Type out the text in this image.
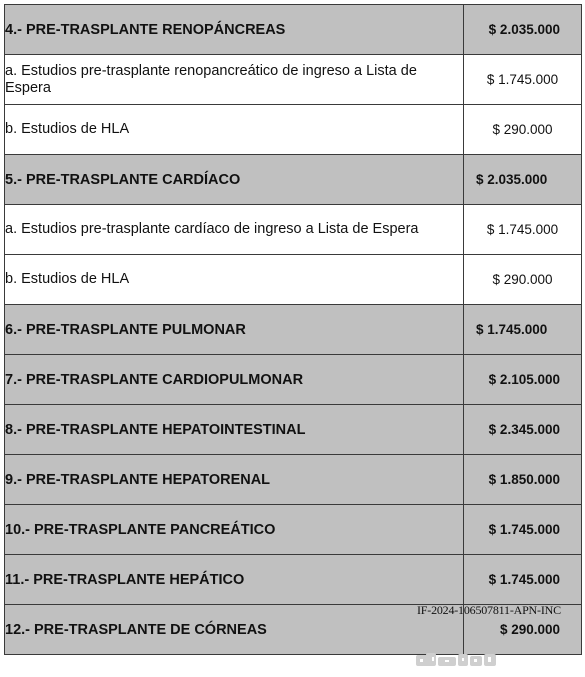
4.- PRE-TRASPLANTE RENOPÁNCREAS	$ 2.035.000
a. Estudios pre-trasplante renopancreático de ingreso a Lista de Espera	$ 1.745.000
b. Estudios de HLA	$ 290.000
5.- PRE-TRASPLANTE CARDÍACO	$ 2.035.000
a. Estudios pre-trasplante cardíaco de ingreso a Lista de Espera	$ 1.745.000
b. Estudios de HLA	$ 290.000
6.- PRE-TRASPLANTE PULMONAR	$ 1.745.000
7.- PRE-TRASPLANTE CARDIOPULMONAR	$ 2.105.000
8.- PRE-TRASPLANTE HEPATOINTESTINAL	$ 2.345.000
9.- PRE-TRASPLANTE HEPATORENAL	$ 1.850.000
10.- PRE-TRASPLANTE PANCREÁTICO	$ 1.745.000
11.- PRE-TRASPLANTE HEPÁTICO	$ 1.745.000
12.- PRE-TRASPLANTE DE CÓRNEAS	$ 290.000
IF-2024-106507811-APN-INC
